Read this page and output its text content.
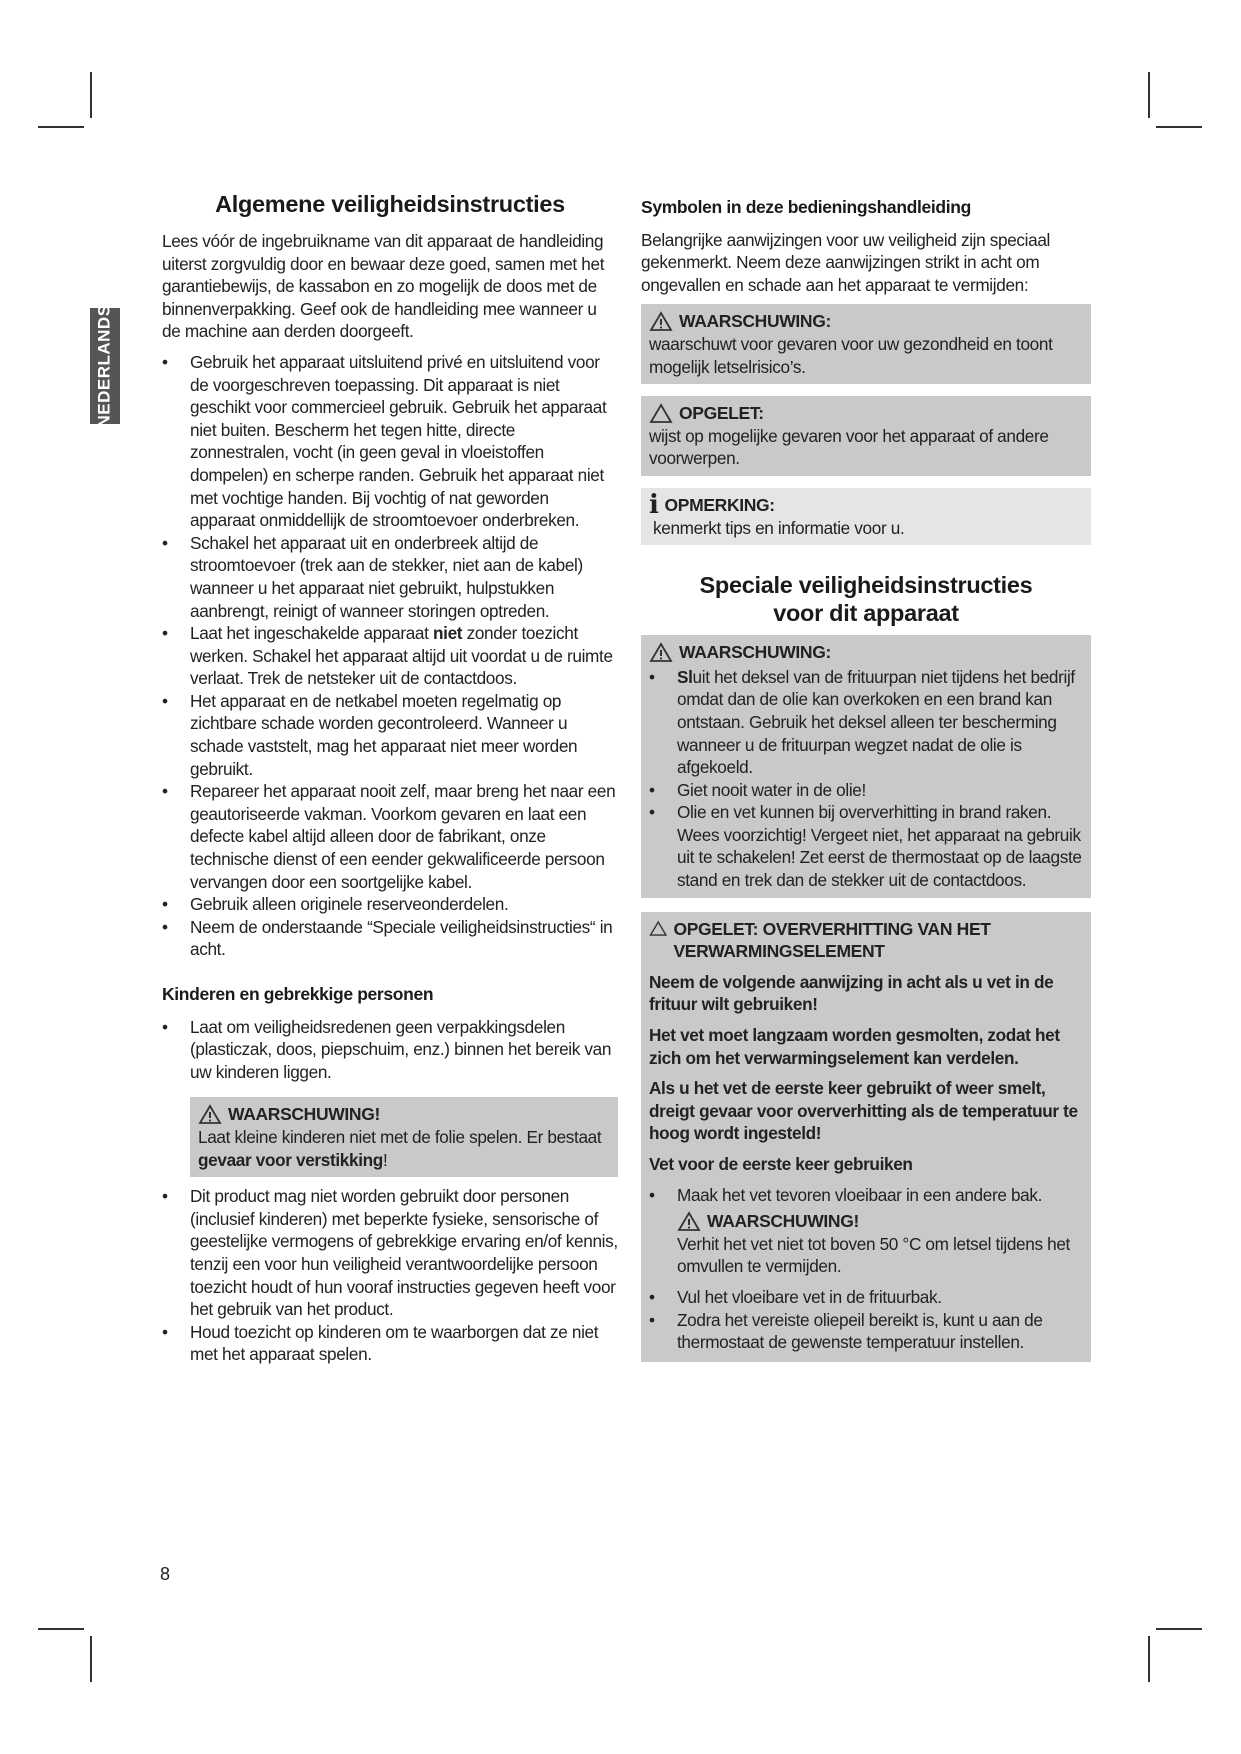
NEDERLANDS
Algemene veiligheidsinstructies

Lees vóór de ingebruikname van dit apparaat de handleiding uiterst zorgvuldig door en bewaar deze goed, samen met het garantiebewijs, de kassabon en zo mogelijk de doos met de binnenverpakking. Geef ook de handleiding mee wanneer u de machine aan derden doorgeeft.

• Gebruik het apparaat uitsluitend privé en uitsluitend voor de voorgeschreven toepassing. Dit apparaat is niet geschikt voor commercieel gebruik. Gebruik het apparaat niet buiten. Bescherm het tegen hitte, directe zonnestralen, vocht (in geen geval in vloeistoffen dompelen) en scherpe randen. Gebruik het apparaat niet met vochtige handen. Bij vochtig of nat geworden apparaat onmiddellijk de stroomtoevoer onderbreken.
• Schakel het apparaat uit en onderbreek altijd de stroomtoevoer (trek aan de stekker, niet aan de kabel) wanneer u het apparaat niet gebruikt, hulpstukken aanbrengt, reinigt of wanneer storingen optreden.
• Laat het ingeschakelde apparaat niet zonder toezicht werken. Schakel het apparaat altijd uit voordat u de ruimte verlaat. Trek de netsteker uit de contactdoos.
• Het apparaat en de netkabel moeten regelmatig op zichtbare schade worden gecontroleerd. Wanneer u schade vaststelt, mag het apparaat niet meer worden gebruikt.
• Repareer het apparaat nooit zelf, maar breng het naar een geautoriseerde vakman. Voorkom gevaren en laat een defecte kabel altijd alleen door de fabrikant, onze technische dienst of een eender gekwalificeerde persoon vervangen door een soortgelijke kabel.
• Gebruik alleen originele reserveonderdelen.
• Neem de onderstaande “Speciale veiligheidsinstructies“ in acht.
Kinderen en gebrekkige personen
• Laat om veiligheidsredenen geen verpakkingsdelen (plasticzak, doos, piepschuim, enz.) binnen het bereik van uw kinderen liggen.
WAARSCHUWING!

Laat kleine kinderen niet met de folie spelen. Er bestaat gevaar voor verstikking!

• Dit product mag niet worden gebruikt door personen (inclusief kinderen) met beperkte fysieke, sensorische of geestelijke vermogens of gebrekkige ervaring en/of kennis, tenzij een voor hun veiligheid verantwoordelijke persoon toezicht houdt of hun vooraf instructies gegeven heeft voor het gebruik van het product.
• Houd toezicht op kinderen om te waarborgen dat ze niet met het apparaat spelen.
Symbolen in deze bedieningshandleiding

Belangrijke aanwijzingen voor uw veiligheid zijn speciaal gekenmerkt. Neem deze aanwijzingen strikt in acht om ongevallen en schade aan het apparaat te vermijden:

WAARSCHUWING:

waarschuwt voor gevaren voor uw gezondheid en toont mogelijk letselrisico’s.

OPGELET:

wijst op mogelijke gevaren voor het apparaat of andere voorwerpen.

i OPMERKING:

kenmerkt tips en informatie voor u.

Speciale veiligheidsinstructies
voor dit apparaat
WAARSCHUWING:
• Sluit het deksel van de frituurpan niet tijdens het bedrijf omdat dan de olie kan overkoken en een brand kan ontstaan. Gebruik het deksel alleen ter bescherming wanneer u de frituurpan wegzet nadat de olie is afgekoeld.
• Giet nooit water in de olie!
• Olie en vet kunnen bij oververhitting in brand raken. Wees voorzichtig! Vergeet niet, het apparaat na gebruik uit te schakelen! Zet eerst de thermostaat op de laagste stand en trek dan de stekker uit de contactdoos.
OPGELET: OVERVERHITTING VAN HET VERWARMINGSELEMENT

Neem de volgende aanwijzing in acht als u vet in de frituur wilt gebruiken!

Het vet moet langzaam worden gesmolten, zodat het zich om het verwarmingselement kan verdelen.

Als u het vet de eerste keer gebruikt of weer smelt, dreigt gevaar voor oververhitting als de temperatuur te hoog wordt ingesteld!

Vet voor de eerste keer gebruiken

• Maak het vet tevoren vloeibaar in een andere bak.
WAARSCHUWING!

Verhit het vet niet tot boven 50 °C om letsel tijdens het omvullen te vermijden.

• Vul het vloeibare vet in de frituurbak.
• Zodra het vereiste oliepeil bereikt is, kunt u aan de thermostaat de gewenste temperatuur instellen.
8
